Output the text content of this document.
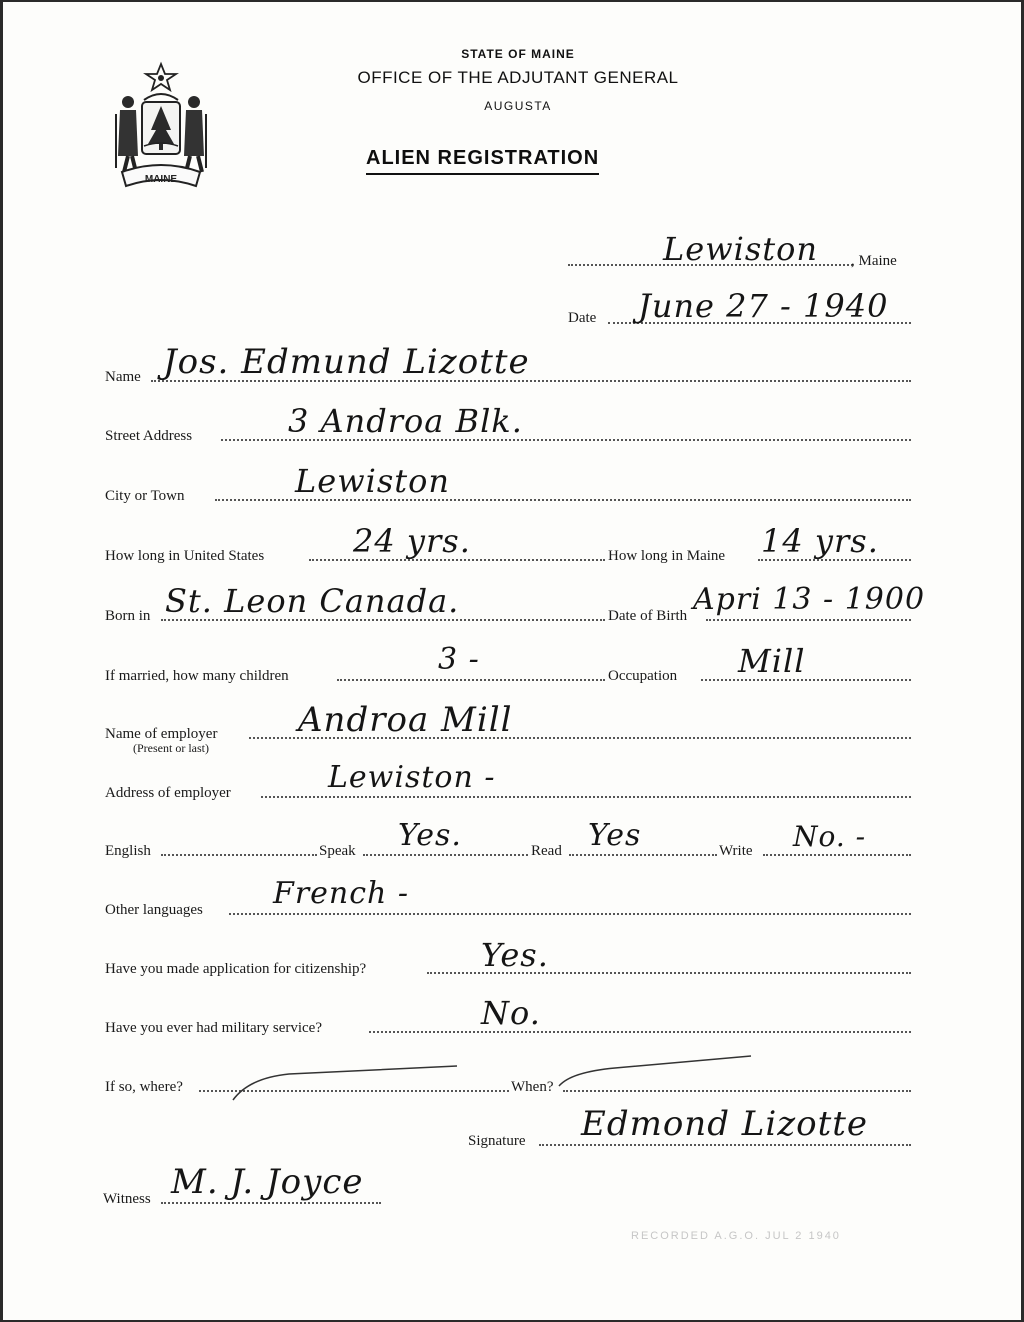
MAINE
STATE OF MAINE
OFFICE OF THE ADJUTANT GENERAL
AUGUSTA
ALIEN REGISTRATION
Lewiston , Maine
Date June 27 - 1940
Name Jos. Edmund Lizotte
Street Address	3 Androa Blk.
City or Town	Lewiston
How long in United States	24 yrs.	How long in Maine 14 yrs.
Born in St. Leon Canada.	Date of Birth Apri 13 - 1900
If married, how many children	3 -	Occupation Mill
Name of employer
(Present or last)
Androa Mill
Address of employer	Lewiston -
English	Speak Yes.	Read Yes	Write No. -
Other languages French -
Have you made application for citizenship?	Yes.
Have you ever had military service?	No.
If so, where?	When?
Signature Edmond Lizotte
Witness M. J. Joyce
RECORDED A.G.O. JUL 2 1940
